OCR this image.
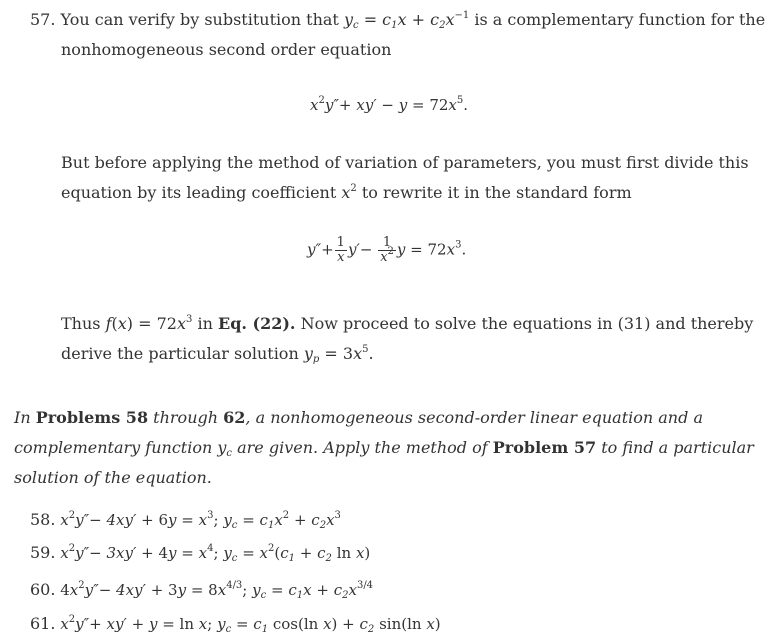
57. You can verify by substitution that $y_c = c_1x + c_2x^{-1}$ is a complementary function for the
nonhomogeneous second order equation
$x^2y''+ xy' - y = 72x^5$.
But before applying the method of variation of parameters, you must first divide this
equation by its leading coefficient $x^2$ to rewrite it in the standard form
$y''+ \frac{1}{x} y'- \frac{1}{x^2}$ $y = 72x^3$.
Thus $f(x) = 72x^3$ in Eq. (22). Now proceed to solve the equations in (31) and thereby
derive the particular solution $y_p = 3x^5$.
In Problems 58 through 62, a nonhomogeneous second-order linear equation and a
complementary function $y_c$ are given. Apply the method of Problem 57 to find a particular
solution of the equation.
58. $x^2y''- 4xy' + 6y = x^3$; $y_c = c_1x^2 + c_2x^3$
59. $x^2y''- 3xy' + 4y = x^4$; $y_c = x^2(c_1 + c_2$ ln x)
60. $4x^2y''- 4xy' + 3y = 8x^{4/3}$; $y_c = c_1x + c_2x^{3/4}$
61. $x^2y''+ xy' + y = \ln x$; $y_c = c_1$ cos(ln $x) + c_2$ sin(ln x)
